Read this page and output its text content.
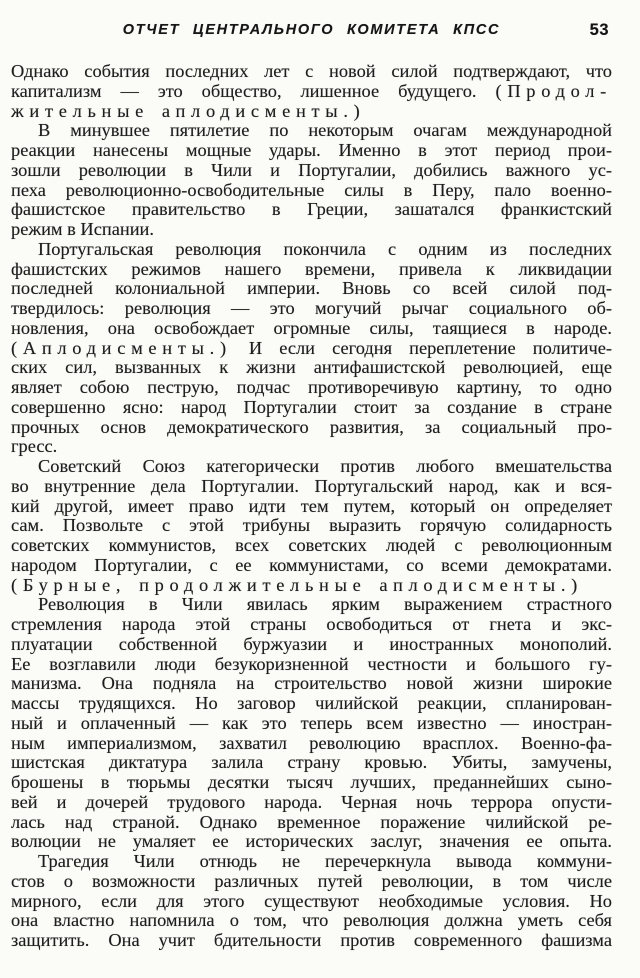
ОТЧЕТ ЦЕНТРАЛЬНОГО КОМИТЕТА КПСС	53
Однако события последних лет с новой силой подтверждают, что
капитализм — это общество, лишенное будущего. (Продол-
жительные аплодисменты.)
В минувшее пятилетие по некоторым очагам международной
реакции нанесены мощные удары. Именно в этот период прои-
зошли революции в Чили и Португалии, добились важного ус-
пеха революционно-освободительные силы в Перу, пало военно-
фашистское правительство в Греции, зашатался франкистский
режим в Испании.
Португальская революция покончила с одним из последних
фашистских режимов нашего времени, привела к ликвидации
последней колониальной империи. Вновь со всей силой под-
твердилось: революция — это могучий рычаг социального об-
новления, она освобождает огромные силы, таящиеся в народе.
(Аплодисменты.) И если сегодня переплетение политиче-
ских сил, вызванных к жизни антифашистской революцией, еще
являет собою пеструю, подчас противоречивую картину, то одно
совершенно ясно: народ Португалии стоит за создание в стране
прочных основ демократического развития, за социальный про-
гресс.
Советский Союз категорически против любого вмешательства
во внутренние дела Португалии. Португальский народ, как и вся-
кий другой, имеет право идти тем путем, который он определяет
сам. Позвольте с этой трибуны выразить горячую солидарность
советских коммунистов, всех советских людей с революционным
народом Португалии, с ее коммунистами, со всеми демократами.
(Бурные, продолжительные аплодисменты.)
Революция в Чили явилась ярким выражением страстного
стремления народа этой страны освободиться от гнета и экс-
плуатации собственной буржуазии и иностранных монополий.
Ее возглавили люди безукоризненной честности и большого гу-
манизма. Она подняла на строительство новой жизни широкие
массы трудящихся. Но заговор чилийской реакции, спланирован-
ный и оплаченный — как это теперь всем известно — иностран-
ным империализмом, захватил революцию врасплох. Военно-фа-
шистская диктатура залила страну кровью. Убиты, замучены,
брошены в тюрьмы десятки тысяч лучших, преданнейших сыно-
вей и дочерей трудового народа. Черная ночь террора опусти-
лась над страной. Однако временное поражение чилийской ре-
волюции не умаляет ее исторических заслуг, значения ее опыта.
Трагедия Чили отнюдь не перечеркнула вывода коммуни-
стов о возможности различных путей революции, в том числе
мирного, если для этого существуют необходимые условия. Но
она властно напомнила о том, что революция должна уметь себя
защитить. Она учит бдительности против современного фашизма
